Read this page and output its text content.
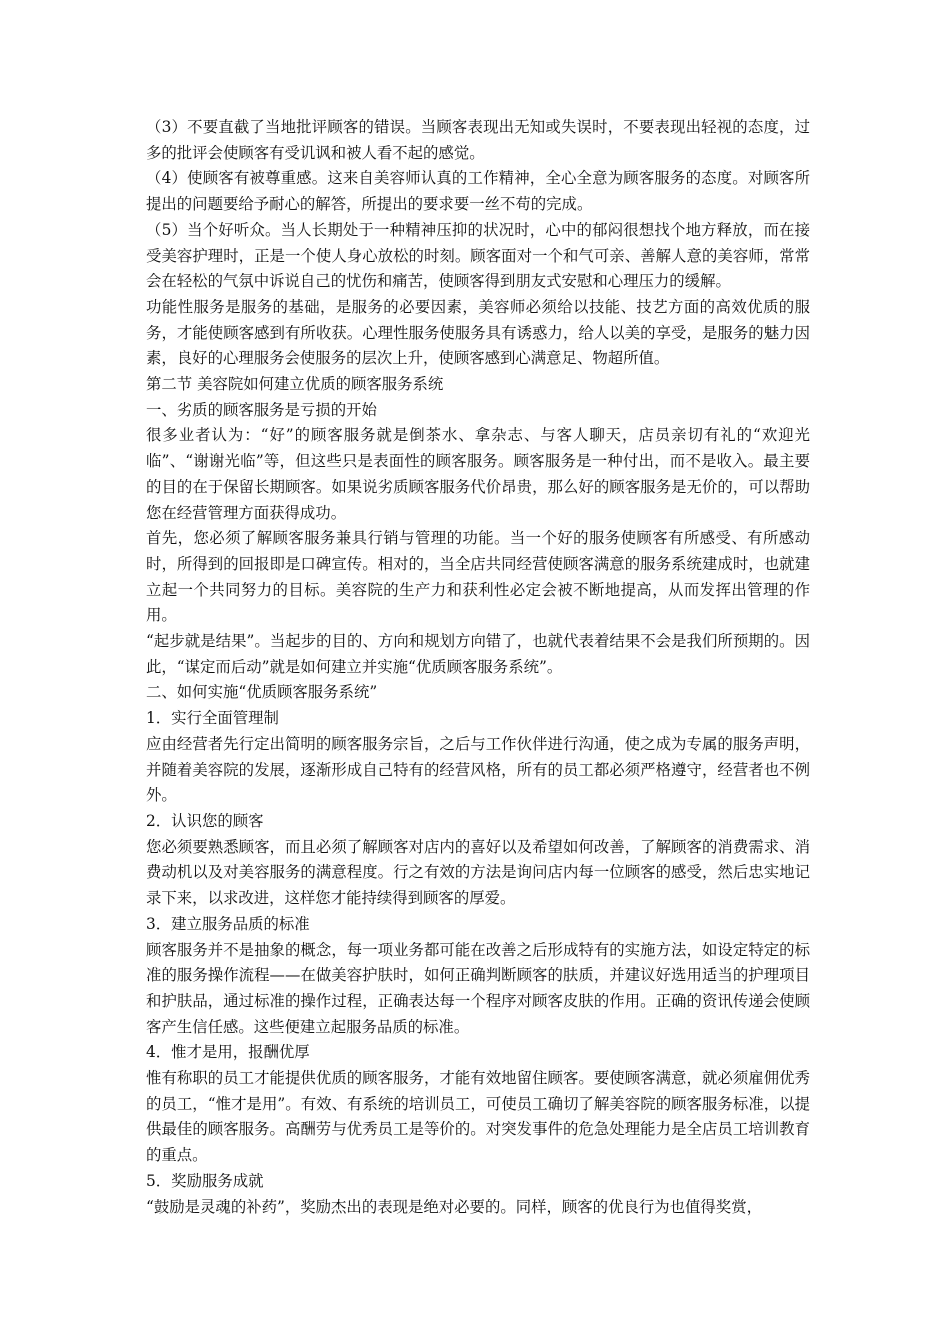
（3）不要直截了当地批评顾客的错误。当顾客表现出无知或失误时，不要表现出轻视的态度，过多的批评会使顾客有受讥讽和被人看不起的感觉。

（4）使顾客有被尊重感。这来自美容师认真的工作精神，全心全意为顾客服务的态度。对顾客所提出的问题要给予耐心的解答，所提出的要求要一丝不苟的完成。

（5）当个好听众。当人长期处于一种精神压抑的状况时，心中的郁闷很想找个地方释放，而在接受美容护理时，正是一个使人身心放松的时刻。顾客面对一个和气可亲、善解人意的美容师，常常会在轻松的气氛中诉说自己的忧伤和痛苦，使顾客得到朋友式安慰和心理压力的缓解。

功能性服务是服务的基础，是服务的必要因素，美容师必须给以技能、技艺方面的高效优质的服务，才能使顾客感到有所收获。心理性服务使服务具有诱惑力，给人以美的享受，是服务的魅力因素，良好的心理服务会使服务的层次上升，使顾客感到心满意足、物超所值。

第二节 美容院如何建立优质的顾客服务系统

一、劣质的顾客服务是亏损的开始

很多业者认为：“好”的顾客服务就是倒茶水、拿杂志、与客人聊天，店员亲切有礼的“欢迎光临”、“谢谢光临”等，但这些只是表面性的顾客服务。顾客服务是一种付出，而不是收入。最主要的目的在于保留长期顾客。如果说劣质顾客服务代价昂贵，那么好的顾客服务是无价的，可以帮助您在经营管理方面获得成功。

首先，您必须了解顾客服务兼具行销与管理的功能。当一个好的服务使顾客有所感受、有所感动时，所得到的回报即是口碑宣传。相对的，当全店共同经营使顾客满意的服务系统建成时，也就建立起一个共同努力的目标。美容院的生产力和获利性必定会被不断地提高，从而发挥出管理的作用。

“起步就是结果”。当起步的目的、方向和规划方向错了，也就代表着结果不会是我们所预期的。因此，“谋定而后动”就是如何建立并实施“优质顾客服务系统”。

二、如何实施“优质顾客服务系统”

1．实行全面管理制

应由经营者先行定出简明的顾客服务宗旨，之后与工作伙伴进行沟通，使之成为专属的服务声明，并随着美容院的发展，逐渐形成自己特有的经营风格，所有的员工都必须严格遵守，经营者也不例外。

2．认识您的顾客

您必须要熟悉顾客，而且必须了解顾客对店内的喜好以及希望如何改善，了解顾客的消费需求、消费动机以及对美容服务的满意程度。行之有效的方法是询问店内每一位顾客的感受，然后忠实地记录下来，以求改进，这样您才能持续得到顾客的厚爱。

3．建立服务品质的标准

顾客服务并不是抽象的概念，每一项业务都可能在改善之后形成特有的实施方法，如设定特定的标准的服务操作流程——在做美容护肤时，如何正确判断顾客的肤质，并建议好选用适当的护理项目和护肤品，通过标准的操作过程，正确表达每一个程序对顾客皮肤的作用。正确的资讯传递会使顾客产生信任感。这些便建立起服务品质的标准。

4．惟才是用，报酬优厚

惟有称职的员工才能提供优质的顾客服务，才能有效地留住顾客。要使顾客满意，就必须雇佣优秀的员工，“惟才是用”。有效、有系统的培训员工，可使员工确切了解美容院的顾客服务标准，以提供最佳的顾客服务。高酬劳与优秀员工是等价的。对突发事件的危急处理能力是全店员工培训教育的重点。

5．奖励服务成就

“鼓励是灵魂的补药”，奖励杰出的表现是绝对必要的。同样，顾客的优良行为也值得奖赏，
